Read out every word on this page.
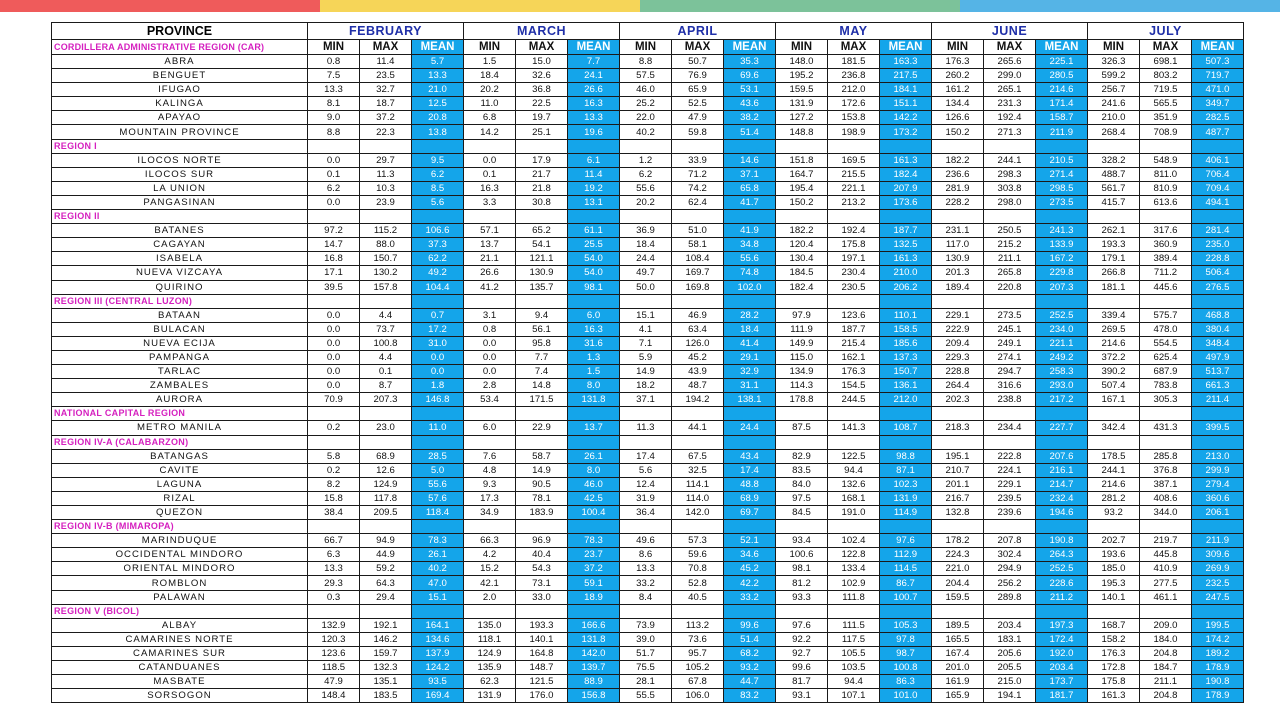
PROVINCE	FEBRUARY			MARCH			APRIL			MAY			JUNE			JULY		
CORDILLERA ADMINISTRATIVE REGION (CAR)	MIN	MAX	MEAN	MIN	MAX	MEAN	MIN	MAX	MEAN	MIN	MAX	MEAN	MIN	MAX	MEAN	MIN	MAX	MEAN
ABRA	0.8	11.4	5.7	1.5	15.0	7.7	8.8	50.7	35.3	148.0	181.5	163.3	176.3	265.6	225.1	326.3	698.1	507.3
BENGUET	7.5	23.5	13.3	18.4	32.6	24.1	57.5	76.9	69.6	195.2	236.8	217.5	260.2	299.0	280.5	599.2	803.2	719.7
IFUGAO	13.3	32.7	21.0	20.2	36.8	26.6	46.0	65.9	53.1	159.5	212.0	184.1	161.2	265.1	214.6	256.7	719.5	471.0
KALINGA	8.1	18.7	12.5	11.0	22.5	16.3	25.2	52.5	43.6	131.9	172.6	151.1	134.4	231.3	171.4	241.6	565.5	349.7
APAYAO	9.0	37.2	20.8	6.8	19.7	13.3	22.0	47.9	38.2	127.2	153.8	142.2	126.6	192.4	158.7	210.0	351.9	282.5
MOUNTAIN PROVINCE	8.8	22.3	13.8	14.2	25.1	19.6	40.2	59.8	51.4	148.8	198.9	173.2	150.2	271.3	211.9	268.4	708.9	487.7
REGION I																		
ILOCOS NORTE	0.0	29.7	9.5	0.0	17.9	6.1	1.2	33.9	14.6	151.8	169.5	161.3	182.2	244.1	210.5	328.2	548.9	406.1
ILOCOS SUR	0.1	11.3	6.2	0.1	21.7	11.4	6.2	71.2	37.1	164.7	215.5	182.4	236.6	298.3	271.4	488.7	811.0	706.4
LA UNION	6.2	10.3	8.5	16.3	21.8	19.2	55.6	74.2	65.8	195.4	221.1	207.9	281.9	303.8	298.5	561.7	810.9	709.4
PANGASINAN	0.0	23.9	5.6	3.3	30.8	13.1	20.2	62.4	41.7	150.2	213.2	173.6	228.2	298.0	273.5	415.7	613.6	494.1
REGION II																		
BATANES	97.2	115.2	106.6	57.1	65.2	61.1	36.9	51.0	41.9	182.2	192.4	187.7	231.1	250.5	241.3	262.1	317.6	281.4
CAGAYAN	14.7	88.0	37.3	13.7	54.1	25.5	18.4	58.1	34.8	120.4	175.8	132.5	117.0	215.2	133.9	193.3	360.9	235.0
ISABELA	16.8	150.7	62.2	21.1	121.1	54.0	24.4	108.4	55.6	130.4	197.1	161.3	130.9	211.1	167.2	179.1	389.4	228.8
NUEVA VIZCAYA	17.1	130.2	49.2	26.6	130.9	54.0	49.7	169.7	74.8	184.5	230.4	210.0	201.3	265.8	229.8	266.8	711.2	506.4
QUIRINO	39.5	157.8	104.4	41.2	135.7	98.1	50.0	169.8	102.0	182.4	230.5	206.2	189.4	220.8	207.3	181.1	445.6	276.5
REGION III (CENTRAL LUZON)																		
BATAAN	0.0	4.4	0.7	3.1	9.4	6.0	15.1	46.9	28.2	97.9	123.6	110.1	229.1	273.5	252.5	339.4	575.7	468.8
BULACAN	0.0	73.7	17.2	0.8	56.1	16.3	4.1	63.4	18.4	111.9	187.7	158.5	222.9	245.1	234.0	269.5	478.0	380.4
NUEVA ECIJA	0.0	100.8	31.0	0.0	95.8	31.6	7.1	126.0	41.4	149.9	215.4	185.6	209.4	249.1	221.1	214.6	554.5	348.4
PAMPANGA	0.0	4.4	0.0	0.0	7.7	1.3	5.9	45.2	29.1	115.0	162.1	137.3	229.3	274.1	249.2	372.2	625.4	497.9
TARLAC	0.0	0.1	0.0	0.0	7.4	1.5	14.9	43.9	32.9	134.9	176.3	150.7	228.8	294.7	258.3	390.2	687.9	513.7
ZAMBALES	0.0	8.7	1.8	2.8	14.8	8.0	18.2	48.7	31.1	114.3	154.5	136.1	264.4	316.6	293.0	507.4	783.8	661.3
AURORA	70.9	207.3	146.8	53.4	171.5	131.8	37.1	194.2	138.1	178.8	244.5	212.0	202.3	238.8	217.2	167.1	305.3	211.4
NATIONAL CAPITAL REGION																		
METRO MANILA	0.2	23.0	11.0	6.0	22.9	13.7	11.3	44.1	24.4	87.5	141.3	108.7	218.3	234.4	227.7	342.4	431.3	399.5
REGION IV-A (CALABARZON)																		
BATANGAS	5.8	68.9	28.5	7.6	58.7	26.1	17.4	67.5	43.4	82.9	122.5	98.8	195.1	222.8	207.6	178.5	285.8	213.0
CAVITE	0.2	12.6	5.0	4.8	14.9	8.0	5.6	32.5	17.4	83.5	94.4	87.1	210.7	224.1	216.1	244.1	376.8	299.9
LAGUNA	8.2	124.9	55.6	9.3	90.5	46.0	12.4	114.1	48.8	84.0	132.6	102.3	201.1	229.1	214.7	214.6	387.1	279.4
RIZAL	15.8	117.8	57.6	17.3	78.1	42.5	31.9	114.0	68.9	97.5	168.1	131.9	216.7	239.5	232.4	281.2	408.6	360.6
QUEZON	38.4	209.5	118.4	34.9	183.9	100.4	36.4	142.0	69.7	84.5	191.0	114.9	132.8	239.6	194.6	93.2	344.0	206.1
REGION IV-B (MIMAROPA)																		
MARINDUQUE	66.7	94.9	78.3	66.3	96.9	78.3	49.6	57.3	52.1	93.4	102.4	97.6	178.2	207.8	190.8	202.7	219.7	211.9
OCCIDENTAL MINDORO	6.3	44.9	26.1	4.2	40.4	23.7	8.6	59.6	34.6	100.6	122.8	112.9	224.3	302.4	264.3	193.6	445.8	309.6
ORIENTAL MINDORO	13.3	59.2	40.2	15.2	54.3	37.2	13.3	70.8	45.2	98.1	133.4	114.5	221.0	294.9	252.5	185.0	410.9	269.9
ROMBLON	29.3	64.3	47.0	42.1	73.1	59.1	33.2	52.8	42.2	81.2	102.9	86.7	204.4	256.2	228.6	195.3	277.5	232.5
PALAWAN	0.3	29.4	15.1	2.0	33.0	18.9	8.4	40.5	33.2	93.3	111.8	100.7	159.5	289.8	211.2	140.1	461.1	247.5
REGION V (BICOL)																		
ALBAY	132.9	192.1	164.1	135.0	193.3	166.6	73.9	113.2	99.6	97.6	111.5	105.3	189.5	203.4	197.3	168.7	209.0	199.5
CAMARINES NORTE	120.3	146.2	134.6	118.1	140.1	131.8	39.0	73.6	51.4	92.2	117.5	97.8	165.5	183.1	172.4	158.2	184.0	174.2
CAMARINES SUR	123.6	159.7	137.9	124.9	164.8	142.0	51.7	95.7	68.2	92.7	105.5	98.7	167.4	205.6	192.0	176.3	204.8	189.2
CATANDUANES	118.5	132.3	124.2	135.9	148.7	139.7	75.5	105.2	93.2	99.6	103.5	100.8	201.0	205.5	203.4	172.8	184.7	178.9
MASBATE	47.9	135.1	93.5	62.3	121.5	88.9	28.1	67.8	44.7	81.7	94.4	86.3	161.9	215.0	173.7	175.8	211.1	190.8
SORSOGON	148.4	183.5	169.4	131.9	176.0	156.8	55.5	106.0	83.2	93.1	107.1	101.0	165.9	194.1	181.7	161.3	204.8	178.9
